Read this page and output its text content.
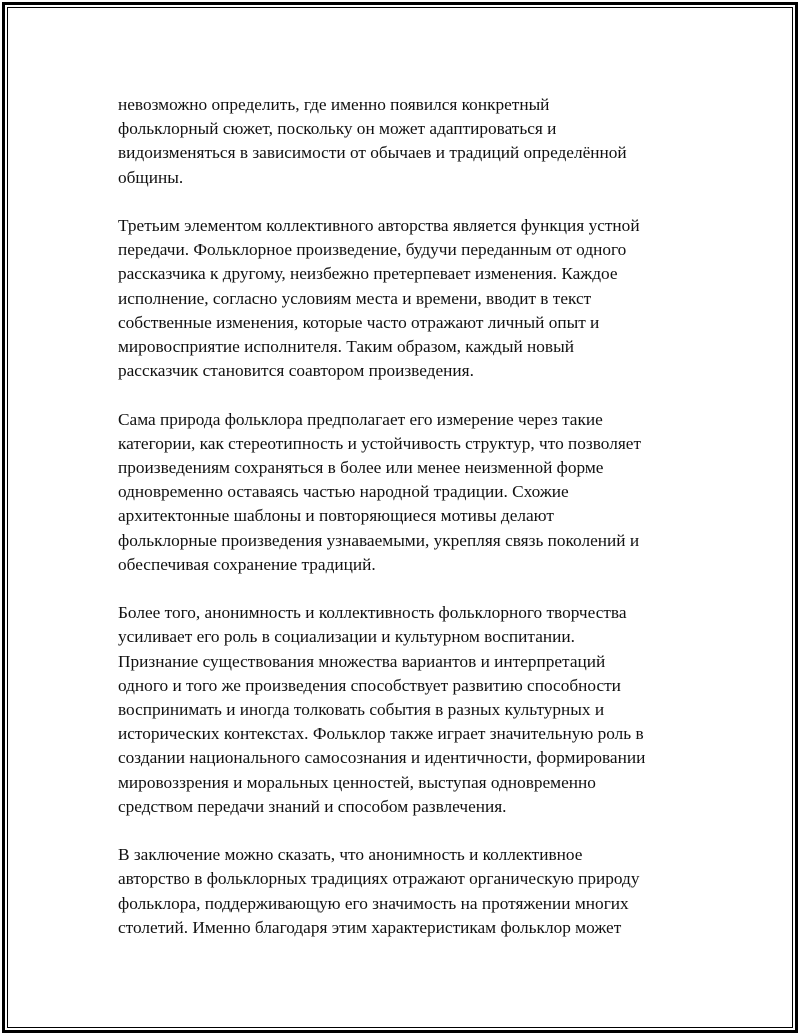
невозможно определить, где именно появился конкретный
фольклорный сюжет, поскольку он может адаптироваться и
видоизменяться в зависимости от обычаев и традиций определённой
общины.

Третьим элементом коллективного авторства является функция устной
передачи. Фольклорное произведение, будучи переданным от одного
рассказчика к другому, неизбежно претерпевает изменения. Каждое
исполнение, согласно условиям места и времени, вводит в текст
собственные изменения, которые часто отражают личный опыт и
мировосприятие исполнителя. Таким образом, каждый новый
рассказчик становится соавтором произведения.

Сама природа фольклора предполагает его измерение через такие
категории, как стереотипность и устойчивость структур, что позволяет
произведениям сохраняться в более или менее неизменной форме
одновременно оставаясь частью народной традиции. Схожие
архитектонные шаблоны и повторяющиеся мотивы делают
фольклорные произведения узнаваемыми, укрепляя связь поколений и
обеспечивая сохранение традиций.

Более того, анонимность и коллективность фольклорного творчества
усиливает его роль в социализации и культурном воспитании.
Признание существования множества вариантов и интерпретаций
одного и того же произведения способствует развитию способности
воспринимать и иногда толковать события в разных культурных и
исторических контекстах. Фольклор также играет значительную роль в
создании национального самосознания и идентичности, формировании
мировоззрения и моральных ценностей, выступая одновременно
средством передачи знаний и способом развлечения.

В заключение можно сказать, что анонимность и коллективное
авторство в фольклорных традициях отражают органическую природу
фольклора, поддерживающую его значимость на протяжении многих
столетий. Именно благодаря этим характеристикам фольклор может
